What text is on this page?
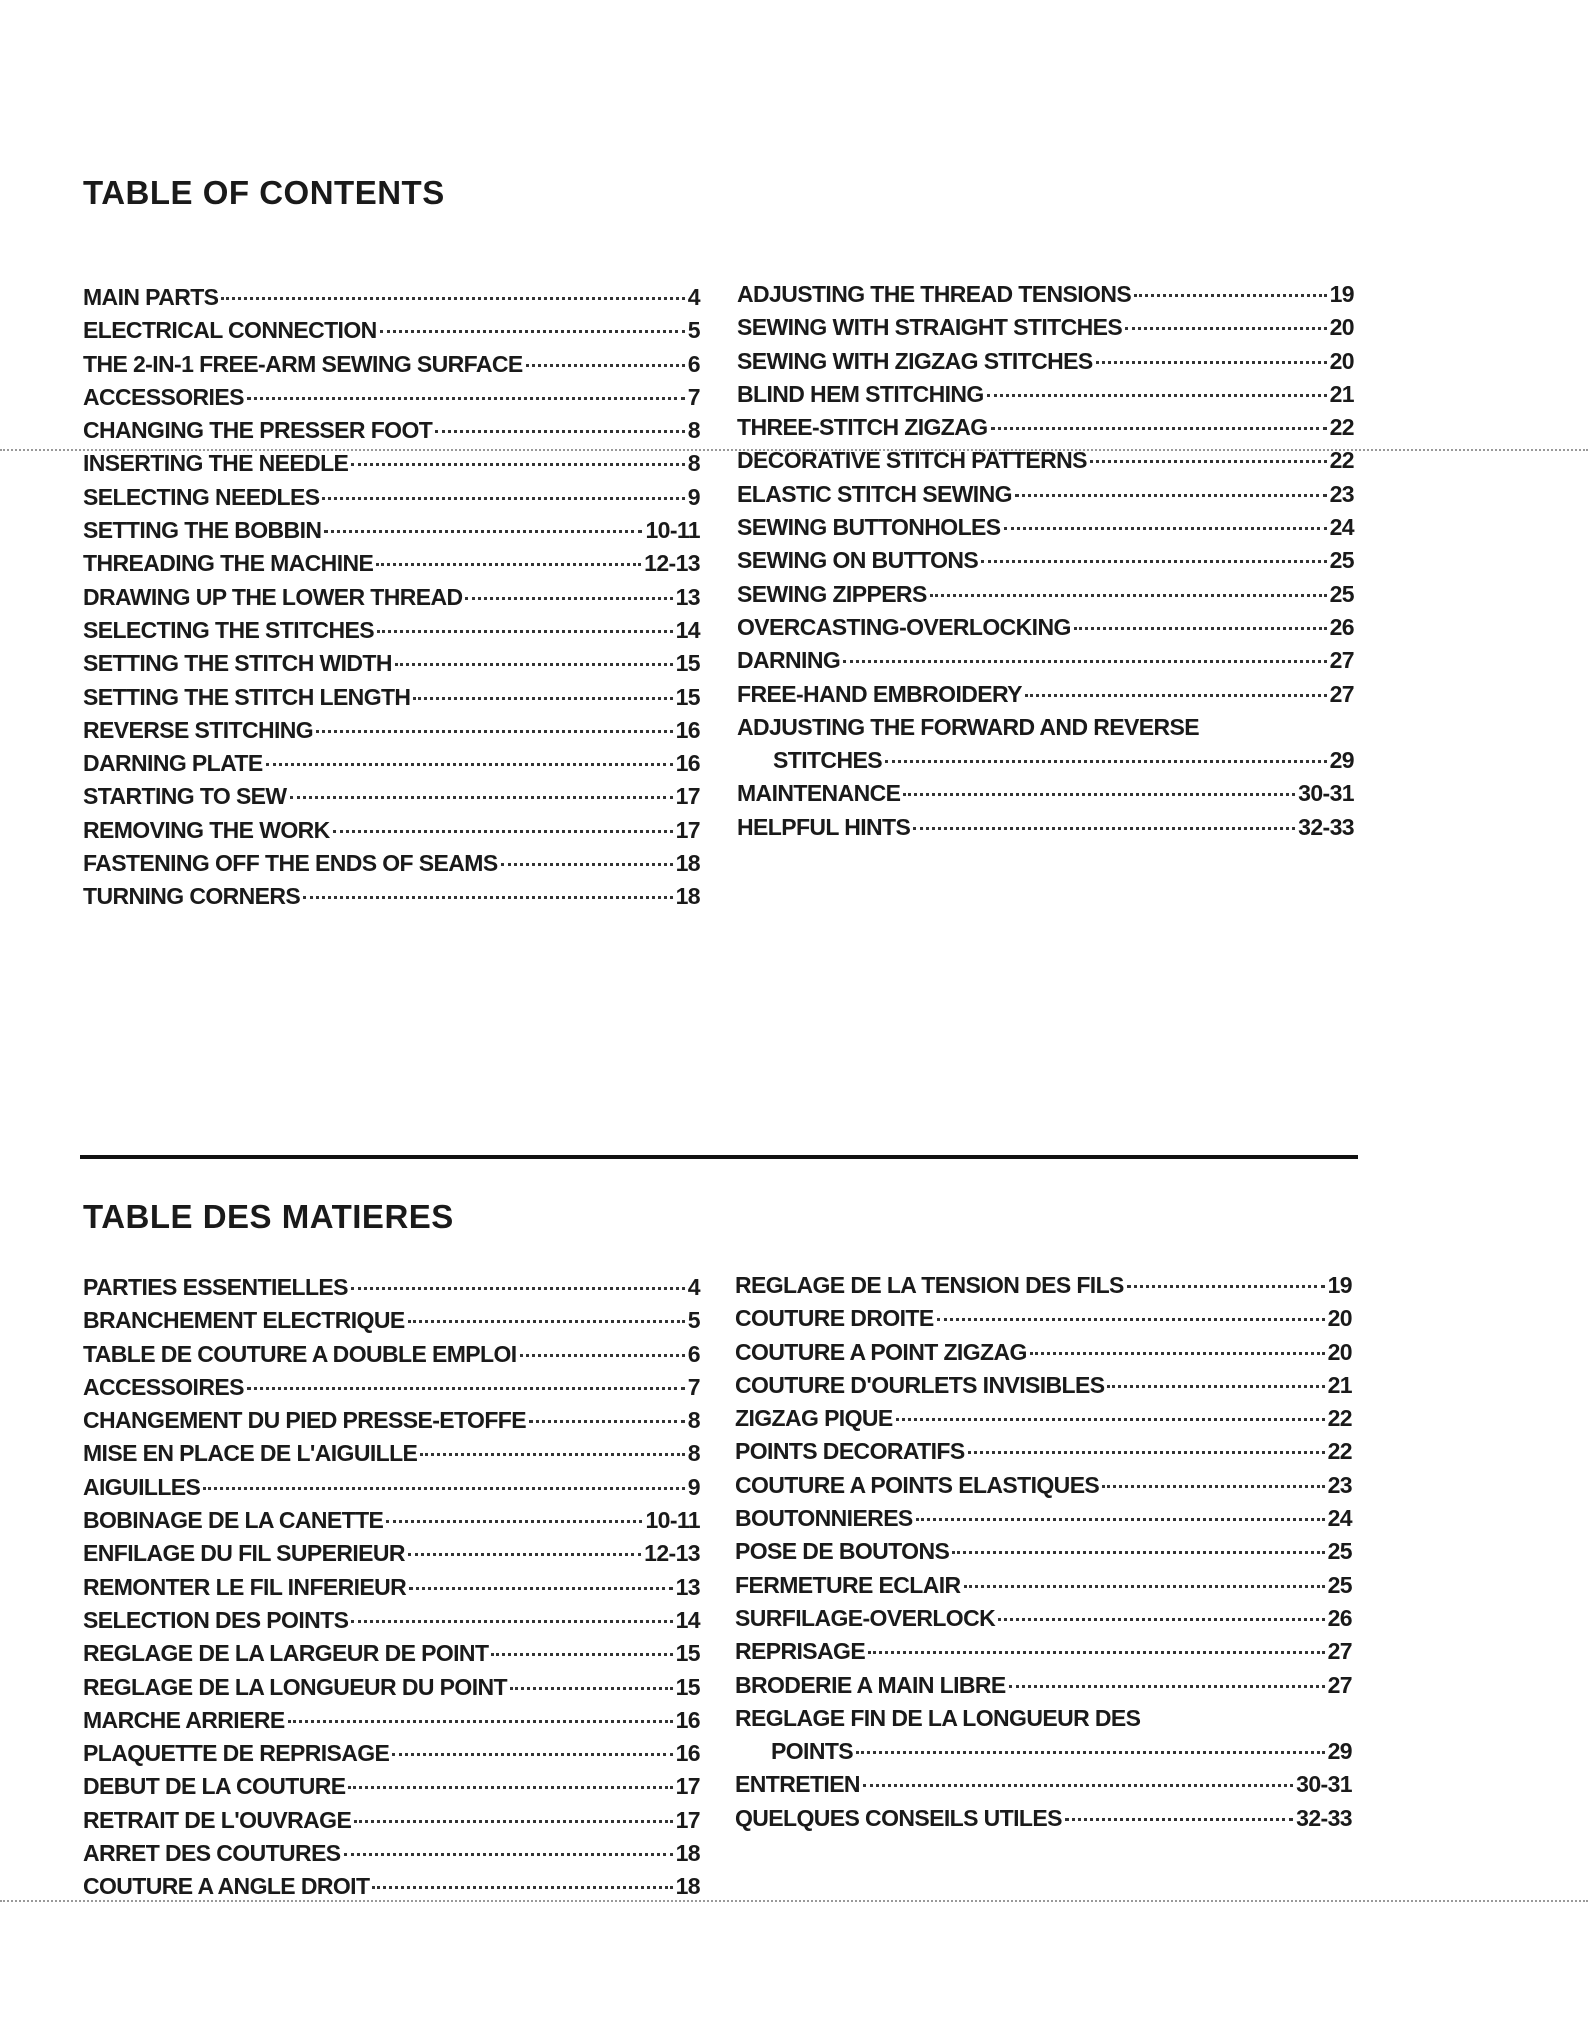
TABLE OF CONTENTS
MAIN PARTS	4
ELECTRICAL CONNECTION	5
THE 2-IN-1 FREE-ARM SEWING SURFACE	6
ACCESSORIES	7
CHANGING THE PRESSER FOOT	8
INSERTING THE NEEDLE	8
SELECTING NEEDLES	9
SETTING THE BOBBIN	10-11
THREADING THE MACHINE	12-13
DRAWING UP THE LOWER THREAD	13
SELECTING THE STITCHES	14
SETTING THE STITCH WIDTH	15
SETTING THE STITCH LENGTH	15
REVERSE STITCHING	16
DARNING PLATE	16
STARTING TO SEW	17
REMOVING THE WORK	17
FASTENING OFF THE ENDS OF SEAMS	18
TURNING CORNERS	18
ADJUSTING THE THREAD TENSIONS	19
SEWING WITH STRAIGHT STITCHES	20
SEWING WITH ZIGZAG STITCHES	20
BLIND HEM STITCHING	21
THREE-STITCH ZIGZAG	22
DECORATIVE STITCH PATTERNS	22
ELASTIC STITCH SEWING	23
SEWING BUTTONHOLES	24
SEWING ON BUTTONS	25
SEWING ZIPPERS	25
OVERCASTING-OVERLOCKING	26
DARNING	27
FREE-HAND EMBROIDERY	27
ADJUSTING THE FORWARD AND REVERSE
STITCHES	29
MAINTENANCE	30-31
HELPFUL HINTS	32-33
TABLE DES MATIERES
PARTIES ESSENTIELLES	4
BRANCHEMENT ELECTRIQUE	5
TABLE DE COUTURE A DOUBLE EMPLOI	6
ACCESSOIRES	7
CHANGEMENT DU PIED PRESSE-ETOFFE	8
MISE EN PLACE DE L'AIGUILLE	8
AIGUILLES	9
BOBINAGE DE LA CANETTE	10-11
ENFILAGE DU FIL SUPERIEUR	12-13
REMONTER LE FIL INFERIEUR	13
SELECTION DES POINTS	14
REGLAGE DE LA LARGEUR DE POINT	15
REGLAGE DE LA LONGUEUR DU POINT	15
MARCHE ARRIERE	16
PLAQUETTE DE REPRISAGE	16
DEBUT DE LA COUTURE	17
RETRAIT DE L'OUVRAGE	17
ARRET DES COUTURES	18
COUTURE A ANGLE DROIT	18
REGLAGE DE LA TENSION DES FILS	19
COUTURE DROITE	20
COUTURE A POINT ZIGZAG	20
COUTURE D'OURLETS INVISIBLES	21
ZIGZAG PIQUE	22
POINTS DECORATIFS	22
COUTURE A POINTS ELASTIQUES	23
BOUTONNIERES	24
POSE DE BOUTONS	25
FERMETURE ECLAIR	25
SURFILAGE-OVERLOCK	26
REPRISAGE	27
BRODERIE A MAIN LIBRE	27
REGLAGE FIN DE LA LONGUEUR DES
POINTS	29
ENTRETIEN	30-31
QUELQUES CONSEILS UTILES	32-33
